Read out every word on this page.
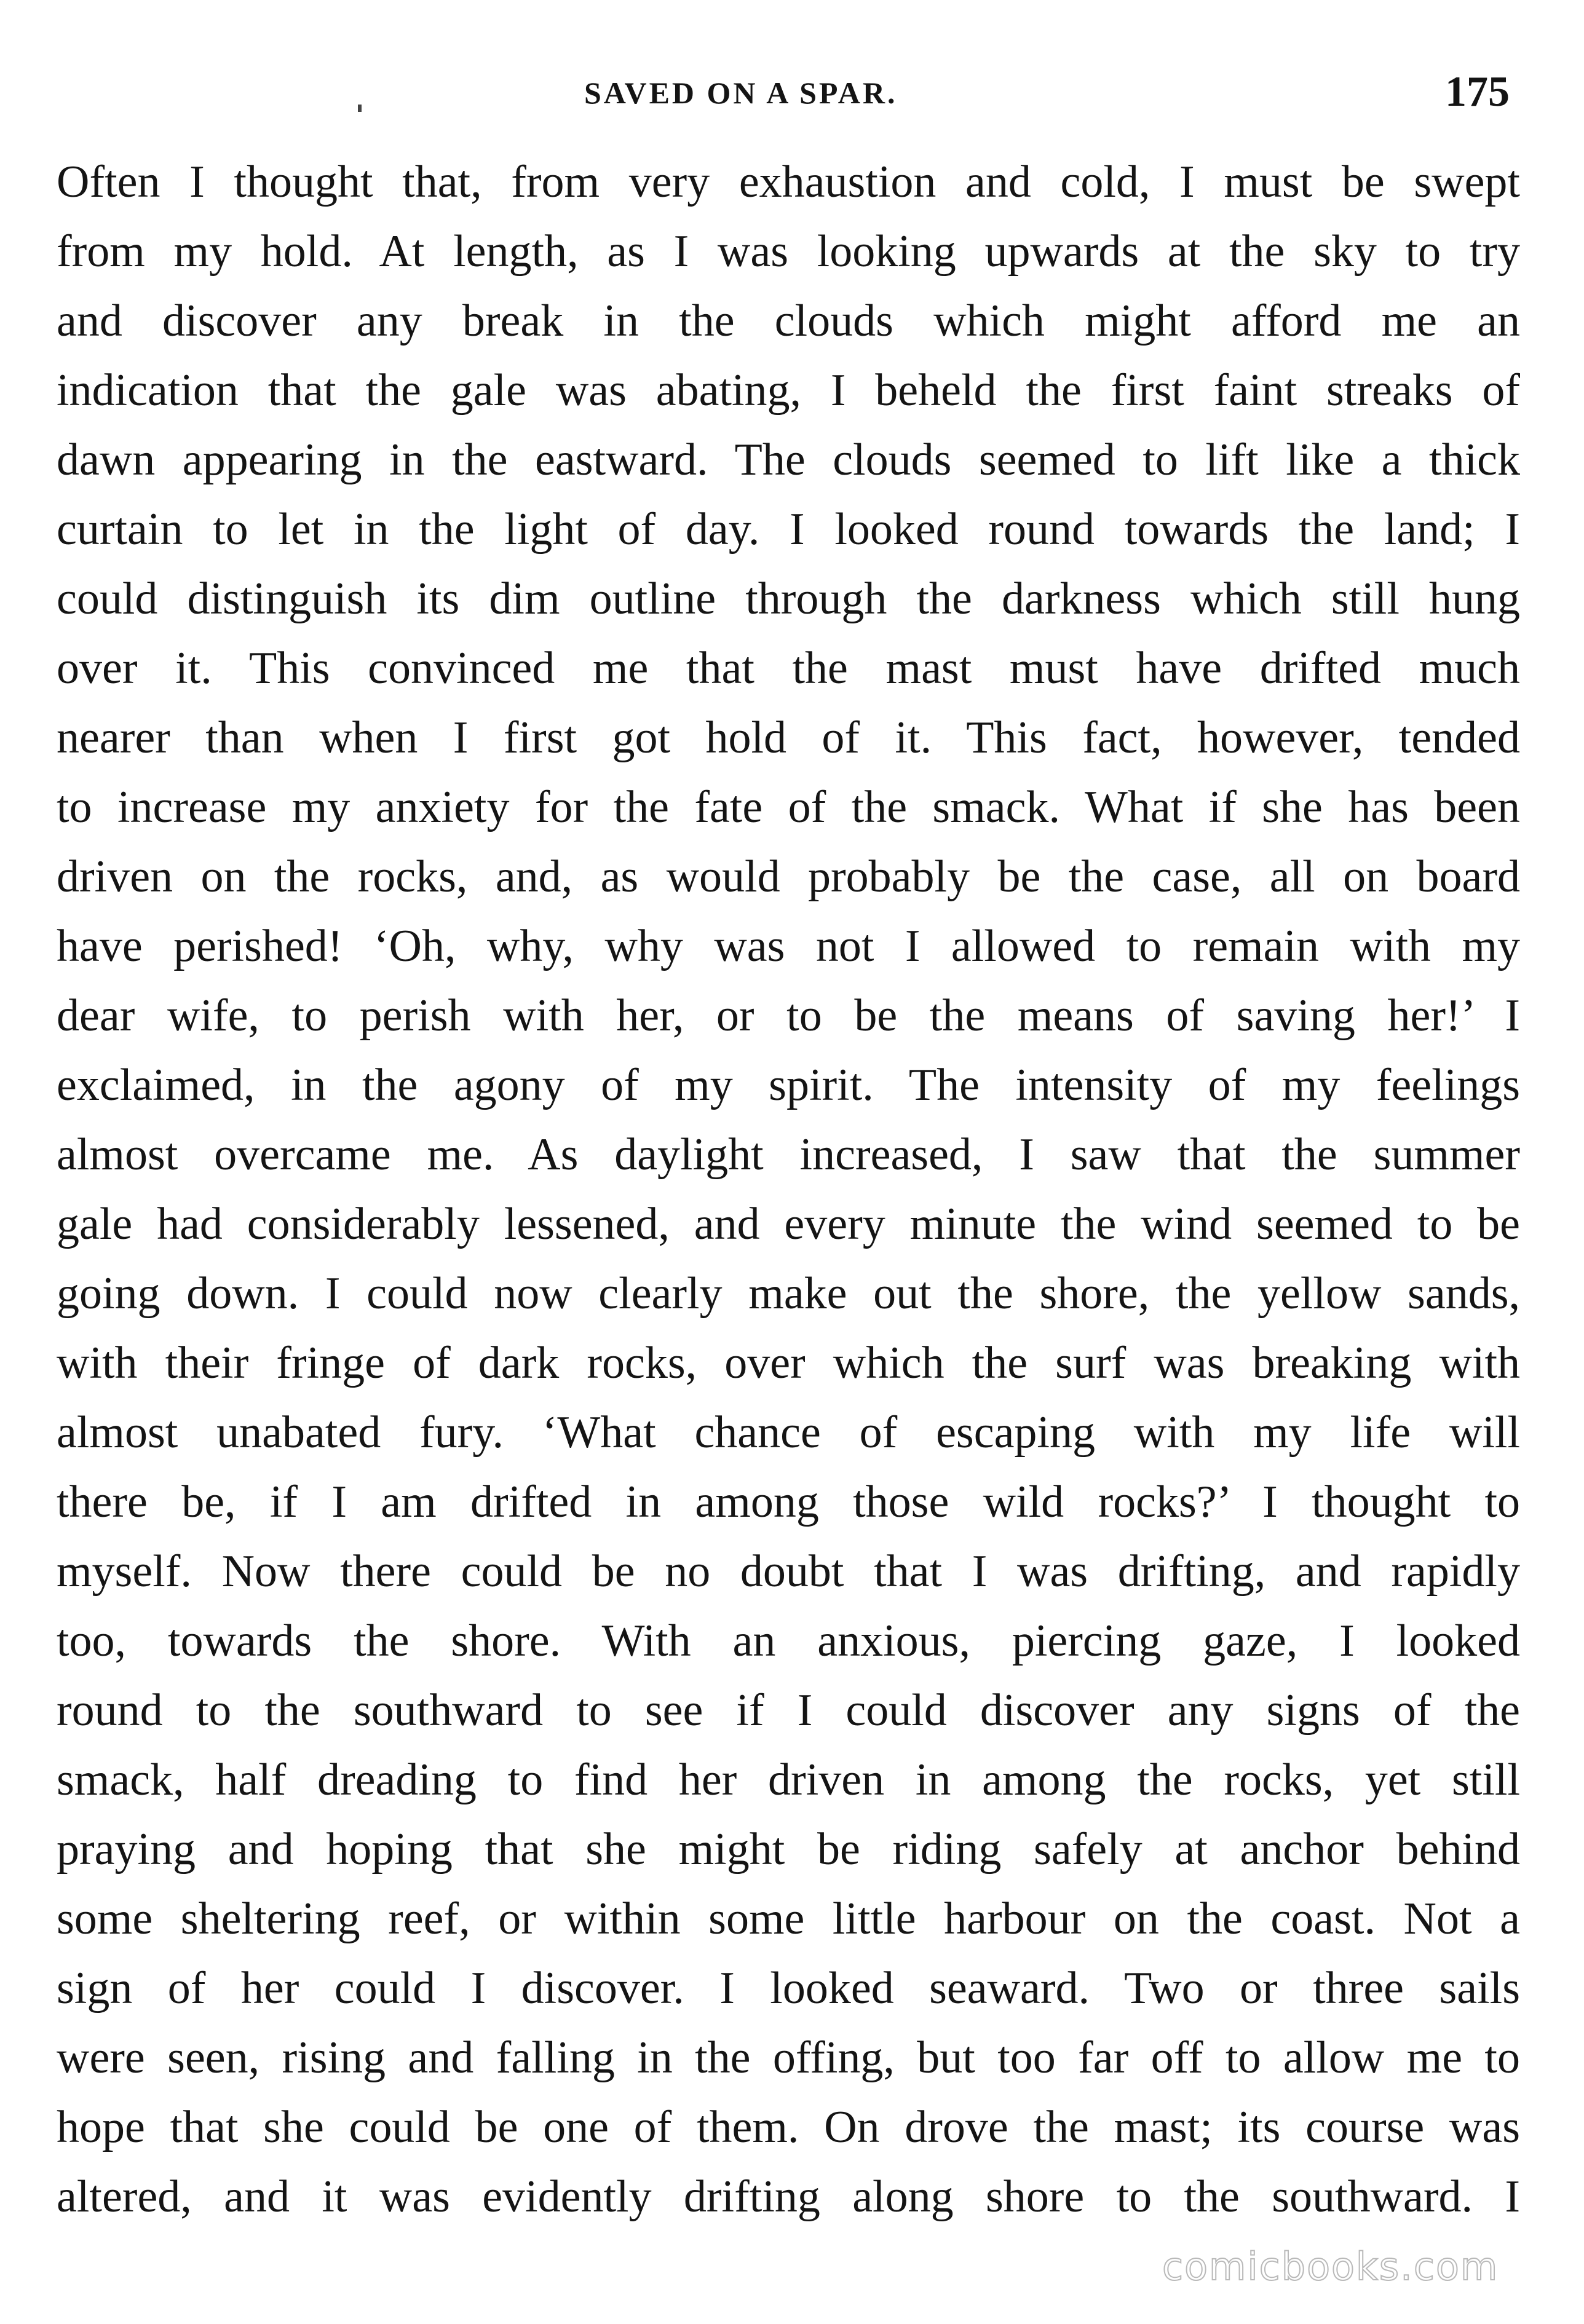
SAVED ON A SPAR.	175
Often I thought that, from very exhaustion and cold, I must be swept
from my hold. At length, as I was looking upwards at the sky to try
and discover any break in the clouds which might afford me an
indication that the gale was abating, I beheld the first faint streaks of
dawn appearing in the eastward. The clouds seemed to lift like a thick
curtain to let in the light of day. I looked round towards the land; I
could distinguish its dim outline through the darkness which still hung
over it. This convinced me that the mast must have drifted much
nearer than when I first got hold of it. This fact, however, tended
to increase my anxiety for the fate of the smack. What if she has been
driven on the rocks, and, as would probably be the case, all on board
have perished! ‘Oh, why, why was not I allowed to remain with my
dear wife, to perish with her, or to be the means of saving her!’ I
exclaimed, in the agony of my spirit. The intensity of my feelings
almost overcame me. As daylight increased, I saw that the summer
gale had considerably lessened, and every minute the wind seemed to be
going down. I could now clearly make out the shore, the yellow sands,
with their fringe of dark rocks, over which the surf was breaking with
almost unabated fury. ‘What chance of escaping with my life will
there be, if I am drifted in among those wild rocks?’ I thought to
myself. Now there could be no doubt that I was drifting, and rapidly
too, towards the shore. With an anxious, piercing gaze, I looked
round to the southward to see if I could discover any signs of the
smack, half dreading to find her driven in among the rocks, yet still
praying and hoping that she might be riding safely at anchor behind
some sheltering reef, or within some little harbour on the coast. Not a
sign of her could I discover. I looked seaward. Two or three sails
were seen, rising and falling in the offing, but too far off to allow me to
hope that she could be one of them. On drove the mast; its course was
altered, and it was evidently drifting along shore to the southward. I
comicbooks.com
